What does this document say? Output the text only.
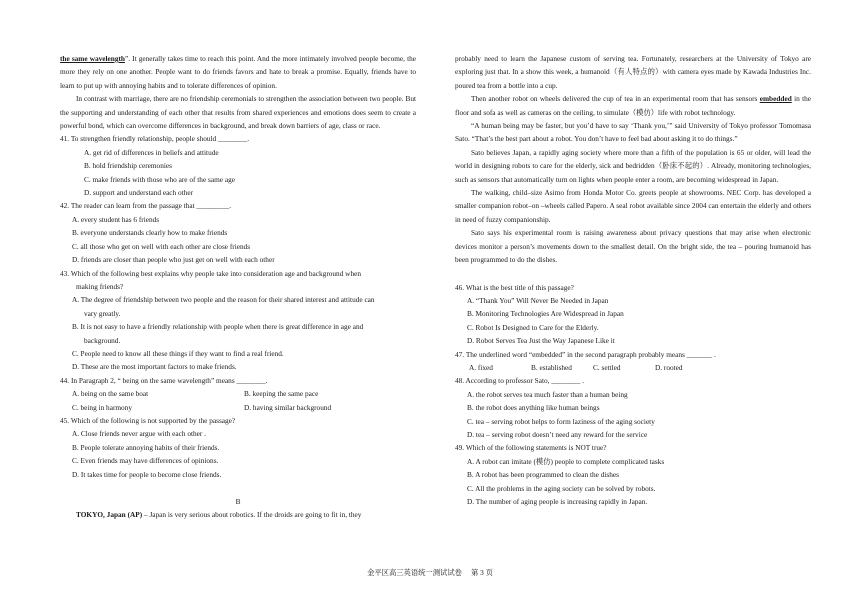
the same wavelength”. It generally takes time to reach this point. And the more intimately involved people become, the more they rely on one another. People want to do friends favors and hate to break a promise. Equally, friends have to learn to put up with annoying habits and to tolerate differences of opinion.

In contrast with marriage, there are no friendship ceremonials to strengthen the association between two people. But the supporting and understanding of each other that results from shared experiences and emotions does seem to create a powerful bond, which can overcome differences in background, and break down barriers of age, class or race.

41. To strengthen friendly relationship, people should ________.

A. get rid of differences in beliefs and attitude

B. hold friendship ceremonies

C. make friends with those who are of the same age

D. support and understand each other

42. The reader can learn from the passage that _________.

A. every student has 6 friends

B. everyone understands clearly how to make friends

C. all those who get on well with each other are close friends

D. friends are closer than people who just get on well with each other

43. Which of the following best explains why people take into consideration age and background when
making friends?

A. The degree of friendship between two people and the reason for their shared interest and attitude can
vary greatly.

B. It is not easy to have a friendly relationship with people when there is great difference in age and
background.

C. People need to know all these things if they want to find a real friend.

D. These are the most important factors to make friends.

44. In Paragraph 2, “ being on the same wavelength” means ________.

A. being on the same boat	B. keeping the same pace
C. being in harmony	D. having similar background

45. Which of the following is not supported by the passage?

A. Close friends never argue with each other .

B. People tolerate annoying habits of their friends.

C. Even friends may have differences of opinions.

D. It takes time for people to become close friends.

B

TOKYO, Japan (AP) – Japan is very serious about robotics. If the droids are going to fit in, they

probably need to learn the Japanese custom of serving tea. Fortunately, researchers at the University of Tokyo are exploring just that. In a show this week, a humanoid（有人特点的）with camera eyes made by Kawada Industries Inc. poured tea from a bottle into a cup.

Then another robot on wheels delivered the cup of tea in an experimental room that has sensors embedded in the floor and sofa as well as cameras on the ceiling, to simulate（模仿）life with robot technology.

“A human being may be faster, but you’d have to say ‘Thank you,’” said University of Tokyo professor Tomomasa Sato. “That’s the best part about a robot. You don’t have to feel bad about asking it to do things.”

Sato believes Japan, a rapidly aging society where more than a fifth of the population is 65 or older, will lead the world in designing robots to care for the elderly, sick and bedridden（卧床不起的）. Already, monitoring technologies, such as sensors that automatically turn on lights when people enter a room, are becoming widespread in Japan.

The walking, child–size Asimo from Honda Motor Co. greets people at showrooms. NEC Corp. has developed a smaller companion robot–on –wheels called Papero. A seal robot available since 2004 can entertain the elderly and others in need of fuzzy companionship.

Sato says his experimental room is raising awareness about privacy questions that may arise when electronic devices monitor a person’s movements down to the smallest detail. On the bright side, the tea – pouring humanoid has been programmed to do the dishes.

46. What is the best title of this passage?

A. “Thank You” Will Never Be Needed in Japan

B. Monitoring Technologies Are Widespread in Japan

C. Robot Is Designed to Care for the Elderly.

D. Robot Serves Tea Just the Way Japanese Like it

47. The underlined word “embedded” in the second paragraph probably means _______ .

A. fixed	B. established	C. settled	D. rooted

48. According to professor Sato, ________ .

A. the robot serves tea much faster than a human being

B. the robot does anything like human beings

C. tea – serving robot helps to form laziness of the aging society

D. tea – serving robot doesn’t need any reward for the service

49. Which of the following statements is NOT true?

A. A robot can imitate (模仿) people to complete complicated tasks

B. A robot has been programmed to clean the dishes

C. All the problems in the aging society can be solved by robots.

D. The number of aging people is increasing rapidly in Japan.

金平区高三英语统一测试试卷　 第 3 页
